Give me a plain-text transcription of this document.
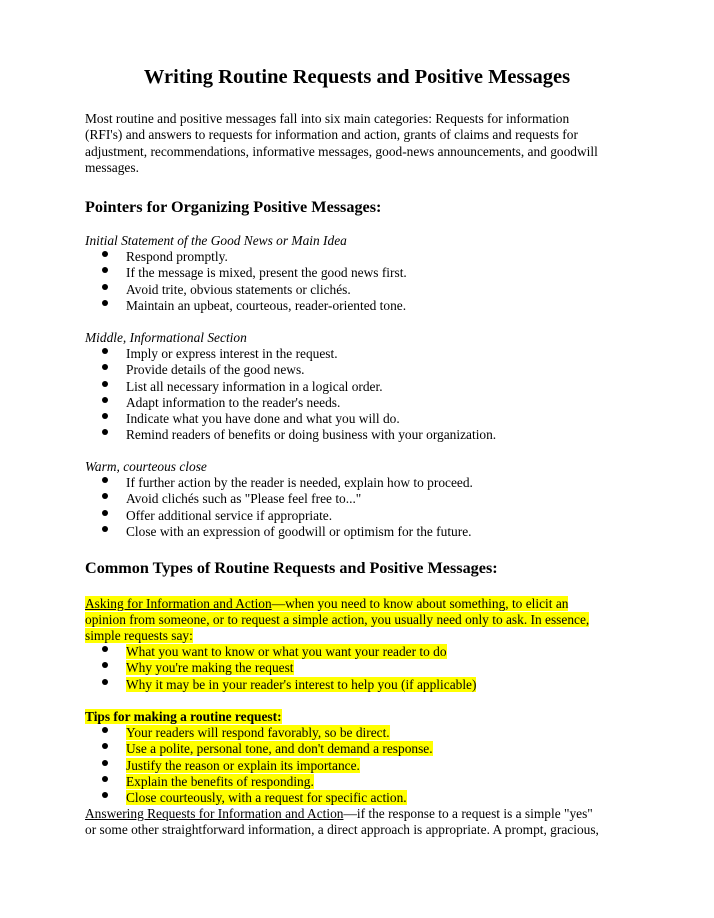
Writing Routine Requests and Positive Messages
Most routine and positive messages fall into six main categories: Requests for information
(RFI's) and answers to requests for information and action, grants of claims and requests for
adjustment, recommendations, informative messages, good-news announcements, and goodwill
messages.
Pointers for Organizing Positive Messages:
Initial Statement of the Good News or Main Idea
Respond promptly.
If the message is mixed, present the good news first.
Avoid trite, obvious statements or clichés.
Maintain an upbeat, courteous, reader-oriented tone.
Middle, Informational Section
Imply or express interest in the request.
Provide details of the good news.
List all necessary information in a logical order.
Adapt information to the reader's needs.
Indicate what you have done and what you will do.
Remind readers of benefits or doing business with your organization.
Warm, courteous close
If further action by the reader is needed, explain how to proceed.
Avoid clichés such as "Please feel free to..."
Offer additional service if appropriate.
Close with an expression of goodwill or optimism for the future.
Common Types of Routine Requests and Positive Messages:
Asking for Information and Action—when you need to know about something, to elicit an
opinion from someone, or to request a simple action, you usually need only to ask. In essence,
simple requests say:
What you want to know or what you want your reader to do
Why you're making the request
Why it may be in your reader's interest to help you (if applicable)
Tips for making a routine request:
Your readers will respond favorably, so be direct.
Use a polite, personal tone, and don't demand a response.
Justify the reason or explain its importance.
Explain the benefits of responding.
Close courteously, with a request for specific action.
Answering Requests for Information and Action—if the response to a request is a simple "yes"
or some other straightforward information, a direct approach is appropriate. A prompt, gracious,
